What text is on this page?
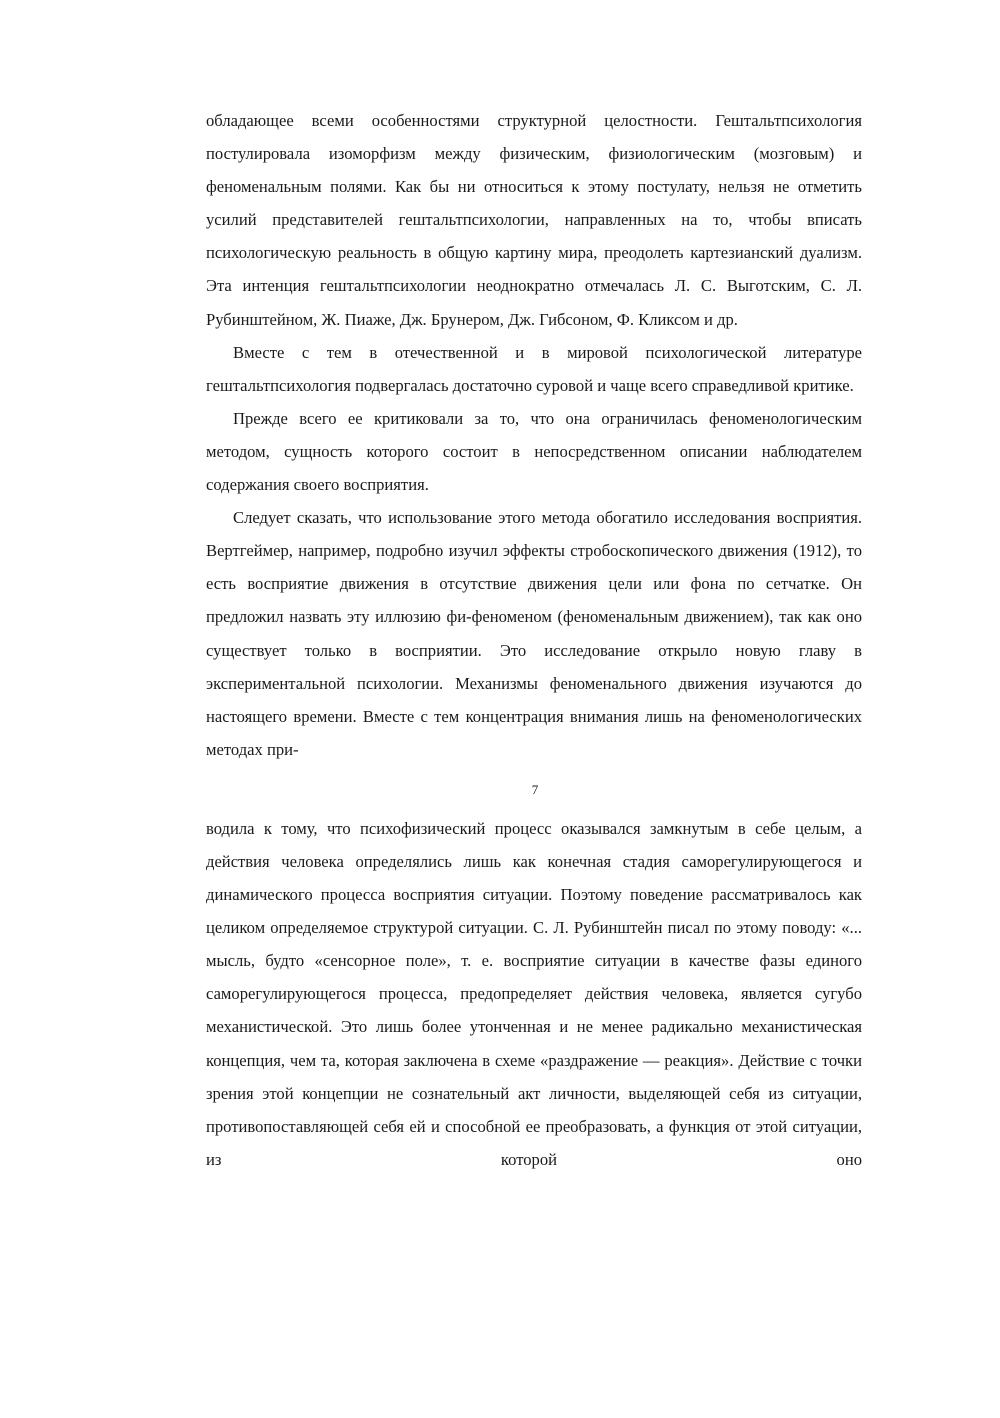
обладающее всеми особенностями структурной целостности. Гештальтпсихология постулировала изоморфизм между физическим, физиологическим (мозговым) и феноменальным полями. Как бы ни относиться к этому постулату, нельзя не отметить усилий представителей гештальтпсихологии, направленных на то, чтобы вписать психологическую реальность в общую картину мира, преодолеть картезианский дуализм. Эта интенция гештальтпсихологии неоднократно отмечалась Л. С. Выготским, С. Л. Рубинштейном, Ж. Пиаже, Дж. Брунером, Дж. Гибсоном, Ф. Кликсом и др.

Вместе с тем в отечественной и в мировой психологической литературе гештальтпсихология подвергалась достаточно суровой и чаще всего справедливой критике.

Прежде всего ее критиковали за то, что она ограничилась феноменологическим методом, сущность которого состоит в непосредственном описании наблюдателем содержания своего восприятия.

Следует сказать, что использование этого метода обогатило исследования восприятия. Вертгеймер, например, подробно изучил эффекты стробоскопического движения (1912), то есть восприятие движения в отсутствие движения цели или фона по сетчатке. Он предложил назвать эту иллюзию фи-феноменом (феноменальным движением), так как оно существует только в восприятии. Это исследование открыло новую главу в экспериментальной психологии. Механизмы феноменального движения изучаются до настоящего времени. Вместе с тем концентрация внимания лишь на феноменологических методах при-

7

водила к тому, что психофизический процесс оказывался замкнутым в себе целым, а действия человека определялись лишь как конечная стадия саморегулирующегося и динамического процесса восприятия ситуации. Поэтому поведение рассматривалось как целиком определяемое структурой ситуации. С. Л. Рубинштейн писал по этому поводу: «... мысль, будто «сенсорное поле», т. е. восприятие ситуации в качестве фазы единого саморегулирующегося процесса, предопределяет действия человека, является сугубо механистической. Это лишь более утонченная и не менее радикально механистическая концепция, чем та, которая заключена в схеме «раздражение — реакция». Действие с точки зрения этой концепции не сознательный акт личности, выделяющей себя из ситуации, противопоставляющей себя ей и способной ее преобразовать, а функция от этой ситуации, из которой оно
